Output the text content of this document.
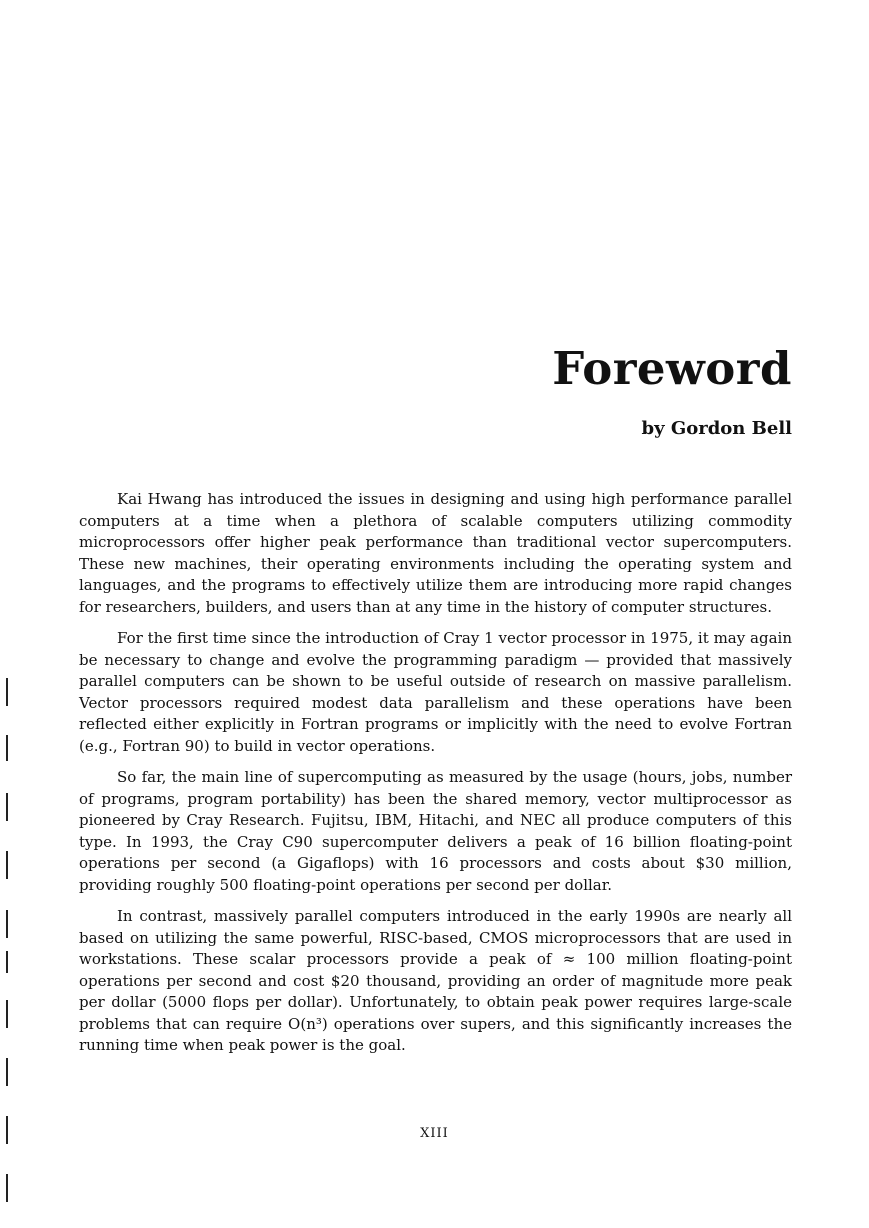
Foreword
by Gordon Bell

Kai Hwang has introduced the issues in designing and using high performance parallel computers at a time when a plethora of scalable computers utilizing commodity microprocessors offer higher peak performance than traditional vector supercomputers. These new machines, their operating environments including the operating system and languages, and the programs to effectively utilize them are introducing more rapid changes for researchers, builders, and users than at any time in the history of computer structures.

For the first time since the introduction of Cray 1 vector processor in 1975, it may again be necessary to change and evolve the programming paradigm — provided that massively parallel computers can be shown to be useful outside of research on massive parallelism. Vector processors required modest data parallelism and these operations have been reflected either explicitly in Fortran programs or implicitly with the need to evolve Fortran (e.g., Fortran 90) to build in vector operations.

So far, the main line of supercomputing as measured by the usage (hours, jobs, number of programs, program portability) has been the shared memory, vector multiprocessor as pioneered by Cray Research. Fujitsu, IBM, Hitachi, and NEC all produce computers of this type. In 1993, the Cray C90 supercomputer delivers a peak of 16 billion floating-point operations per second (a Gigaflops) with 16 processors and costs about $30 million, providing roughly 500 floating-point operations per second per dollar.

In contrast, massively parallel computers introduced in the early 1990s are nearly all based on utilizing the same powerful, RISC-based, CMOS microprocessors that are used in workstations. These scalar processors provide a peak of ≈ 100 million floating-point operations per second and cost $20 thousand, providing an order of magnitude more peak per dollar (5000 flops per dollar). Unfortunately, to obtain peak power requires large-scale problems that can require O(n³) operations over supers, and this significantly increases the running time when peak power is the goal.

XIII
